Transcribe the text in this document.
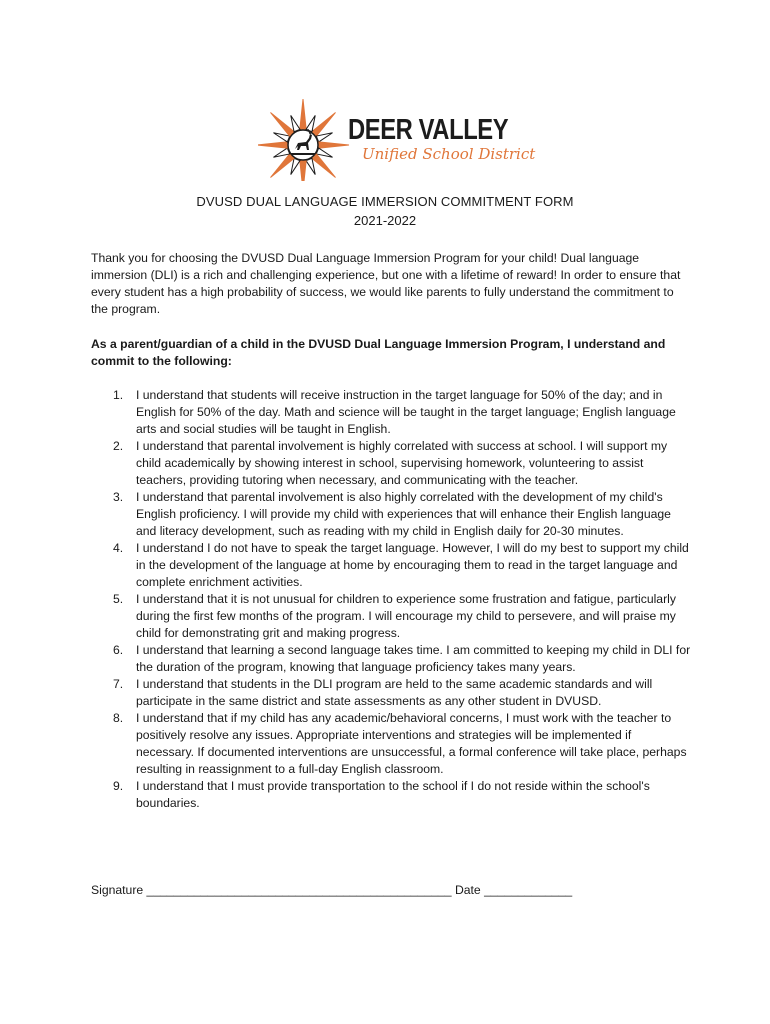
DEER VALLEY
Unified School District
DVUSD DUAL LANGUAGE IMMERSION COMMITMENT FORM
2021-2022
Thank you for choosing the DVUSD Dual Language Immersion Program for your child! Dual language immersion (DLI) is a rich and challenging experience, but one with a lifetime of reward! In order to ensure that every student has a high probability of success, we would like parents to fully understand the commitment to the program.
As a parent/guardian of a child in the DVUSD Dual Language Immersion Program, I understand and commit to the following:
1. I understand that students will receive instruction in the target language for 50% of the day; and in English for 50% of the day. Math and science will be taught in the target language; English language arts and social studies will be taught in English.
2. I understand that parental involvement is highly correlated with success at school. I will support my child academically by showing interest in school, supervising homework, volunteering to assist teachers, providing tutoring when necessary, and communicating with the teacher.
3. I understand that parental involvement is also highly correlated with the development of my child's English proficiency. I will provide my child with experiences that will enhance their English language and literacy development, such as reading with my child in English daily for 20-30 minutes.
4. I understand I do not have to speak the target language. However, I will do my best to support my child in the development of the language at home by encouraging them to read in the target language and complete enrichment activities.
5. I understand that it is not unusual for children to experience some frustration and fatigue, particularly during the first few months of the program. I will encourage my child to persevere, and will praise my child for demonstrating grit and making progress.
6. I understand that learning a second language takes time. I am committed to keeping my child in DLI for the duration of the program, knowing that language proficiency takes many years.
7. I understand that students in the DLI program are held to the same academic standards and will participate in the same district and state assessments as any other student in DVUSD.
8. I understand that if my child has any academic/behavioral concerns, I must work with the teacher to positively resolve any issues. Appropriate interventions and strategies will be implemented if necessary. If documented interventions are unsuccessful, a formal conference will take place, perhaps resulting in reassignment to a full-day English classroom.
9. I understand that I must provide transportation to the school if I do not reside within the school's boundaries.
Signature _____________________________________________ Date _____________
